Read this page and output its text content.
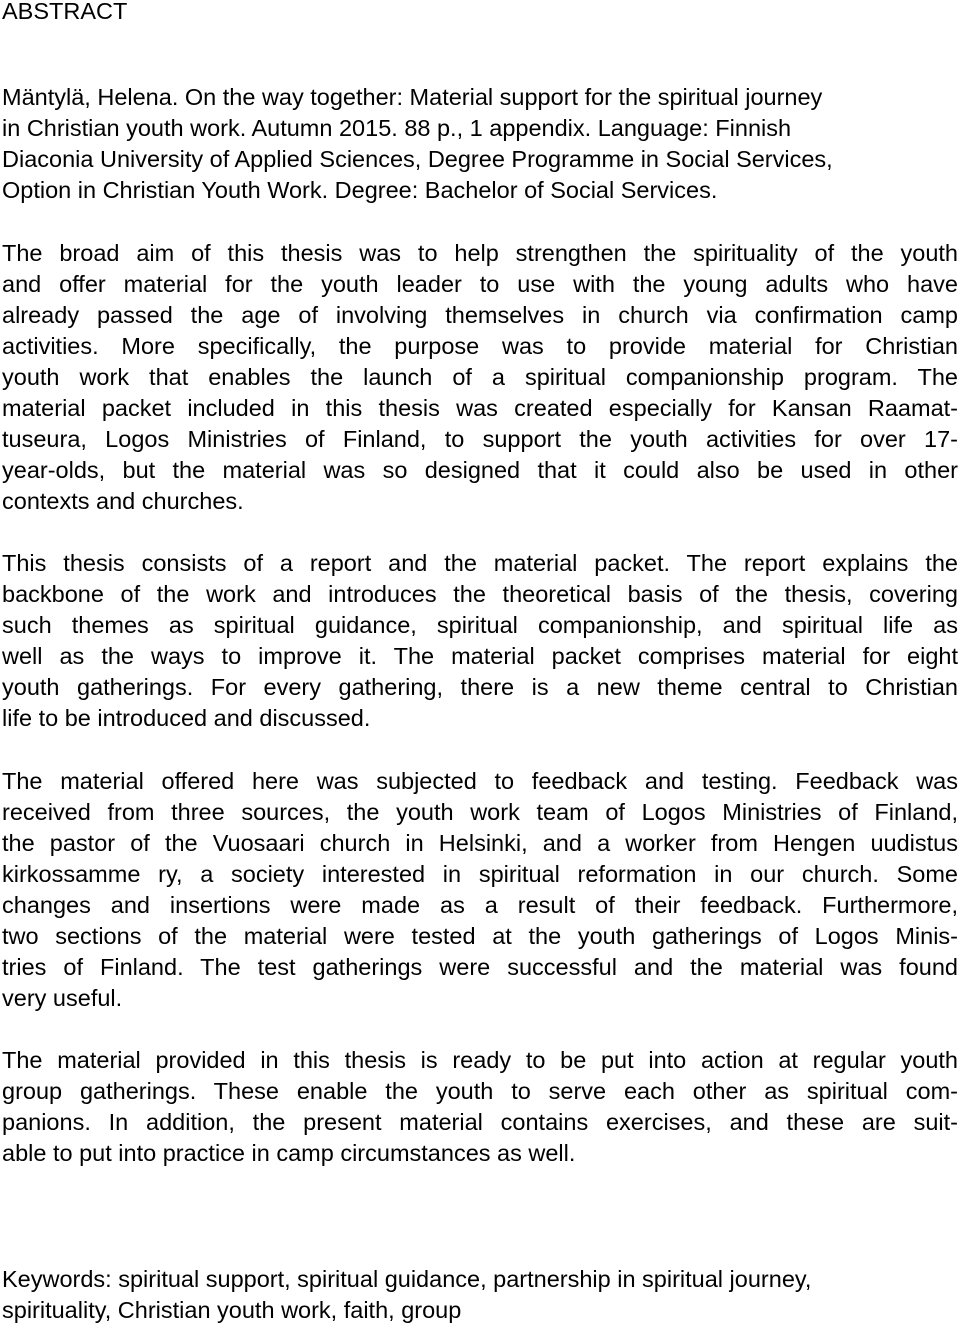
ABSTRACT
Mäntylä, Helena. On the way together: Material support for the spiritual journey
in Christian youth work. Autumn 2015. 88 p., 1 appendix. Language: Finnish
Diaconia University of Applied Sciences, Degree Programme in Social Services,
Option in Christian Youth Work. Degree: Bachelor of Social Services.
The broad aim of this thesis was to help strengthen the spirituality of the youth
and offer material for the youth leader to use with the young adults who have
already passed the age of involving themselves in church via confirmation camp
activities. More specifically, the purpose was to provide material for Christian
youth work that enables the launch of a spiritual companionship program. The
material packet included in this thesis was created especially for Kansan Raamat-
tuseura, Logos Ministries of Finland, to support the youth activities for over 17-
year-olds, but the material was so designed that it could also be used in other
contexts and churches.
This thesis consists of a report and the material packet. The report explains the
backbone of the work and introduces the theoretical basis of the thesis, covering
such themes as spiritual guidance, spiritual companionship, and spiritual life as
well as the ways to improve it. The material packet comprises material for eight
youth gatherings. For every gathering, there is a new theme central to Christian
life to be introduced and discussed.
The material offered here was subjected to feedback and testing. Feedback was
received from three sources, the youth work team of Logos Ministries of Finland,
the pastor of the Vuosaari church in Helsinki, and a worker from Hengen uudistus
kirkossamme ry, a society interested in spiritual reformation in our church. Some
changes and insertions were made as a result of their feedback. Furthermore,
two sections of the material were tested at the youth gatherings of Logos Minis-
tries of Finland. The test gatherings were successful and the material was found
very useful.
The material provided in this thesis is ready to be put into action at regular youth
group gatherings. These enable the youth to serve each other as spiritual com-
panions. In addition, the present material contains exercises, and these are suit-
able to put into practice in camp circumstances as well.
Keywords: spiritual support, spiritual guidance, partnership in spiritual journey,
spirituality, Christian youth work, faith, group
